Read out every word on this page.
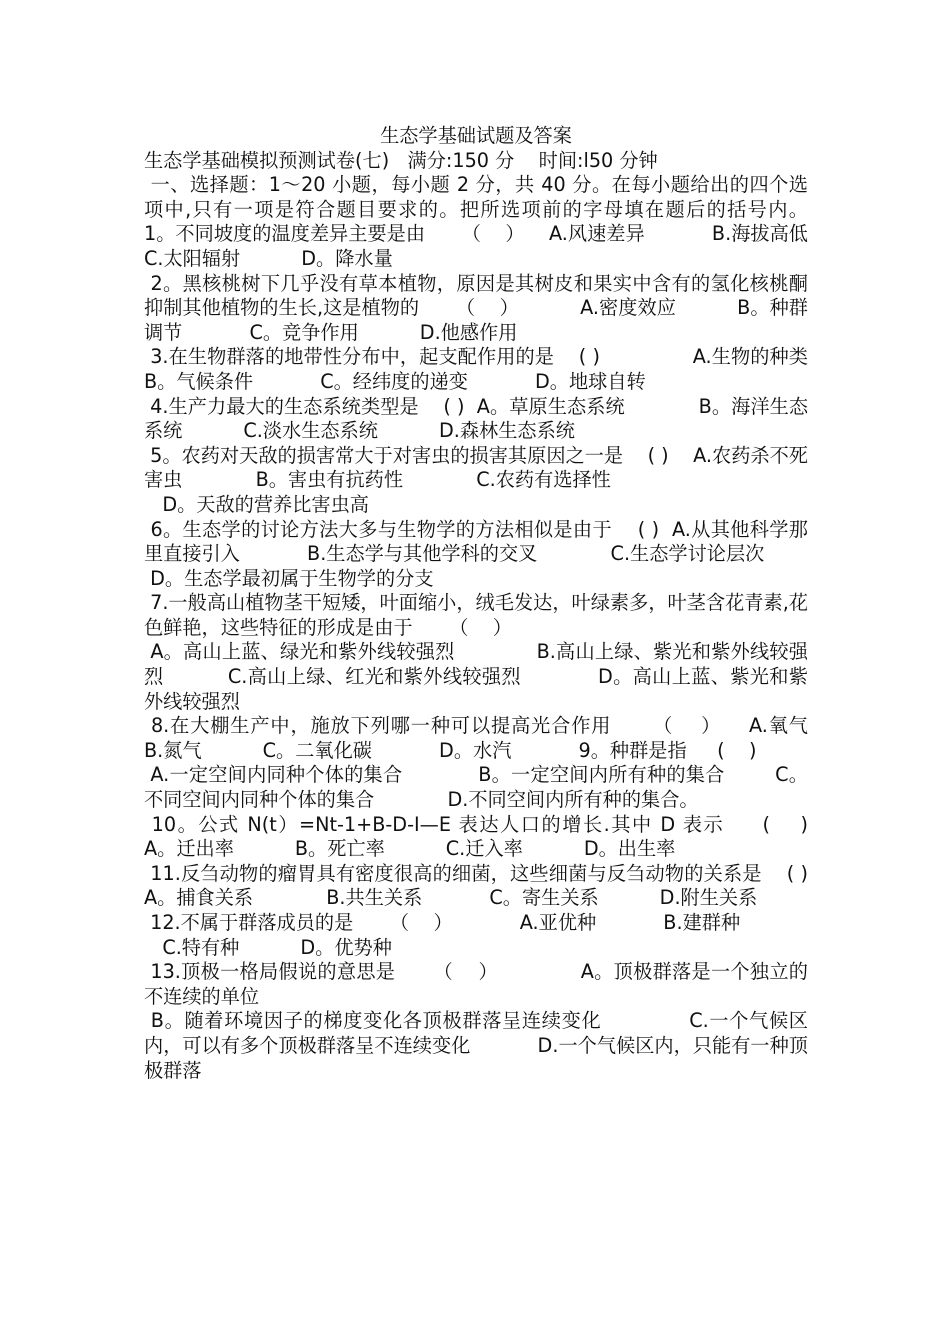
生态学基础试题及答案

生态学基础模拟预测试卷(七)   满分:150 分    时间:l50 分钟

一、选择题：1～20 小题，每小题 2 分，共 40 分。在每小题给出的四个选项中,只有一项是符合题目要求的。把所选项前的字母填在题后的括号内。         1。不同坡度的温度差异主要是由      （    ）    A.风速差异           B.海拔高低           C.太阳辐射          D。降水量

2。黑核桃树下几乎没有草本植物，原因是其树皮和果实中含有的氢化核桃酮抑制其他植物的生长,这是植物的      （    ）          A.密度效应          B。种群调节           C。竞争作用          D.他感作用

3.在生物群落的地带性分布中，起支配作用的是    ( )               A.生物的种类          B。气候条件           C。经纬度的递变           D。地球自转

4.生产力最大的生态系统类型是    ( )  A。草原生态系统            B。海洋生态系统          C.淡水生态系统          D.森林生态系统

5。农药对天敌的损害常大于对害虫的损害其原因之一是    ( )    A.农药杀不死害虫            B。害虫有抗药性            C.农药有选择性

D。天敌的营养比害虫高

6。生态学的讨论方法大多与生物学的方法相似是由于    ( )  A.从其他科学那里直接引入           B.生态学与其他学科的交叉            C.生态学讨论层次

D。生态学最初属于生物学的分支

7.一般高山植物茎干短矮，叶面缩小，绒毛发达，叶绿素多，叶茎含花青素,花色鲜艳，这些特征的形成是由于      （    ）

A。高山上蓝、绿光和紫外线较强烈             B.高山上绿、紫光和紫外线较强烈          C.高山上绿、红光和紫外线较强烈            D。高山上蓝、紫光和紫外线较强烈

8.在大棚生产中，施放下列哪一种可以提高光合作用      （    ）    A.氧气          B.氮气          C。二氧化碳           D。水汽           9。种群是指     (    )

A.一定空间内同种个体的集合            B。一定空间内所有种的集合        C。不同空间内同种个体的集合            D.不同空间内所有种的集合。

10。公式 N(t）=Nt-1+B-D-I—E 表达人口的增长.其中 D 表示     (    )    A。迁出率          B。死亡率          C.迁入率          D。出生率

11.反刍动物的瘤胃具有密度很高的细菌，这些细菌与反刍动物的关系是    ( )          A。捕食关系            B.共生关系           C。寄生关系          D.附生关系

12.不属于群落成员的是      （    ）           A.亚优种           B.建群种

C.特有种          D。优势种

13.顶极一格局假说的意思是      （    ）             A。顶极群落是一个独立的不连续的单位

B。随着环境因子的梯度变化各顶极群落呈连续变化             C.一个气候区内，可以有多个顶极群落呈不连续变化           D.一个气候区内，只能有一种顶极群落
